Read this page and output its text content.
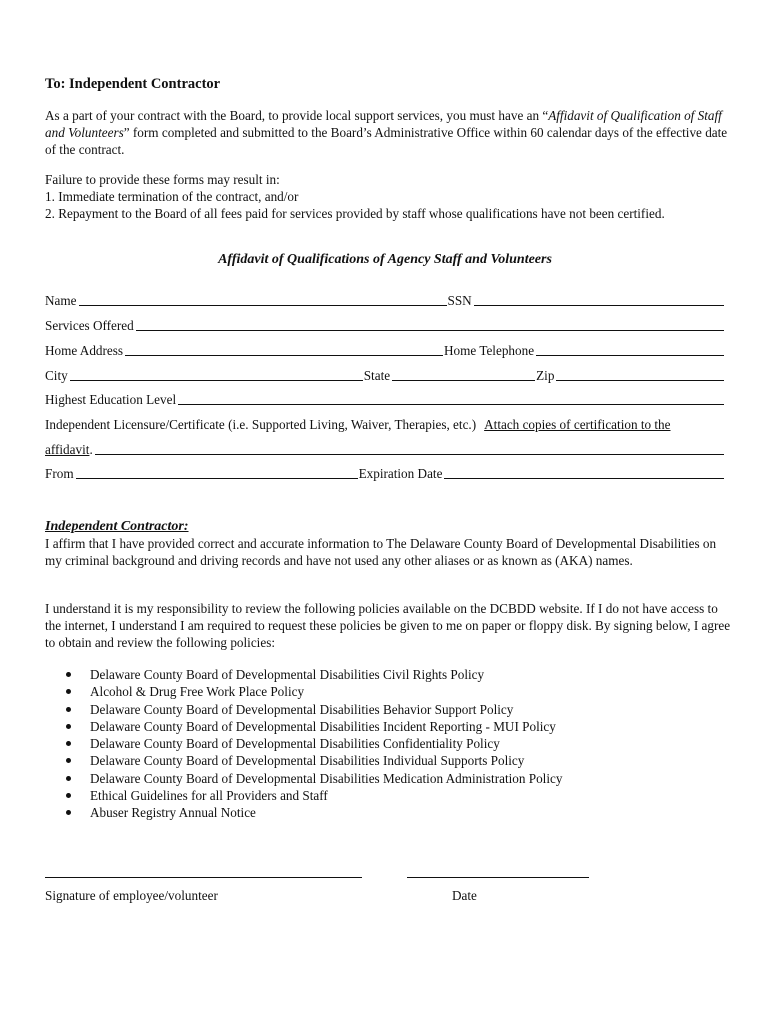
To: Independent Contractor
As a part of your contract with the Board, to provide local support services, you must have an “Affidavit of Qualification of Staff and Volunteers” form completed and submitted to the Board’s Administrative Office within 60 calendar days of the effective date of the contract.
Failure to provide these forms may result in:
1. Immediate termination of the contract, and/or
2. Repayment to the Board of all fees paid for services provided by staff whose qualifications have not been certified.
Affidavit of Qualifications of Agency Staff and Volunteers
Name	SSN
Services Offered
Home Address	Home Telephone
City	State	Zip
Highest Education Level
Independent Licensure/Certificate (i.e. Supported Living, Waiver, Therapies, etc.) Attach copies of certification to the
affidavit.
From	Expiration Date
Independent Contractor:
I affirm that I have provided correct and accurate information to The Delaware County Board of Developmental Disabilities on my criminal background and driving records and have not used any other aliases or as known as (AKA) names.
I understand it is my responsibility to review the following policies available on the DCBDD website. If I do not have access to the internet, I understand I am required to request these policies be given to me on paper or floppy disk. By signing below, I agree to obtain and review the following policies:
Delaware County Board of Developmental Disabilities Civil Rights Policy
Alcohol & Drug Free Work Place Policy
Delaware County Board of Developmental Disabilities Behavior Support Policy
Delaware County Board of Developmental Disabilities Incident Reporting - MUI Policy
Delaware County Board of Developmental Disabilities Confidentiality Policy
Delaware County Board of Developmental Disabilities Individual Supports Policy
Delaware County Board of Developmental Disabilities Medication Administration Policy
Ethical Guidelines for all Providers and Staff
Abuser Registry Annual Notice
Signature of employee/volunteer	Date
